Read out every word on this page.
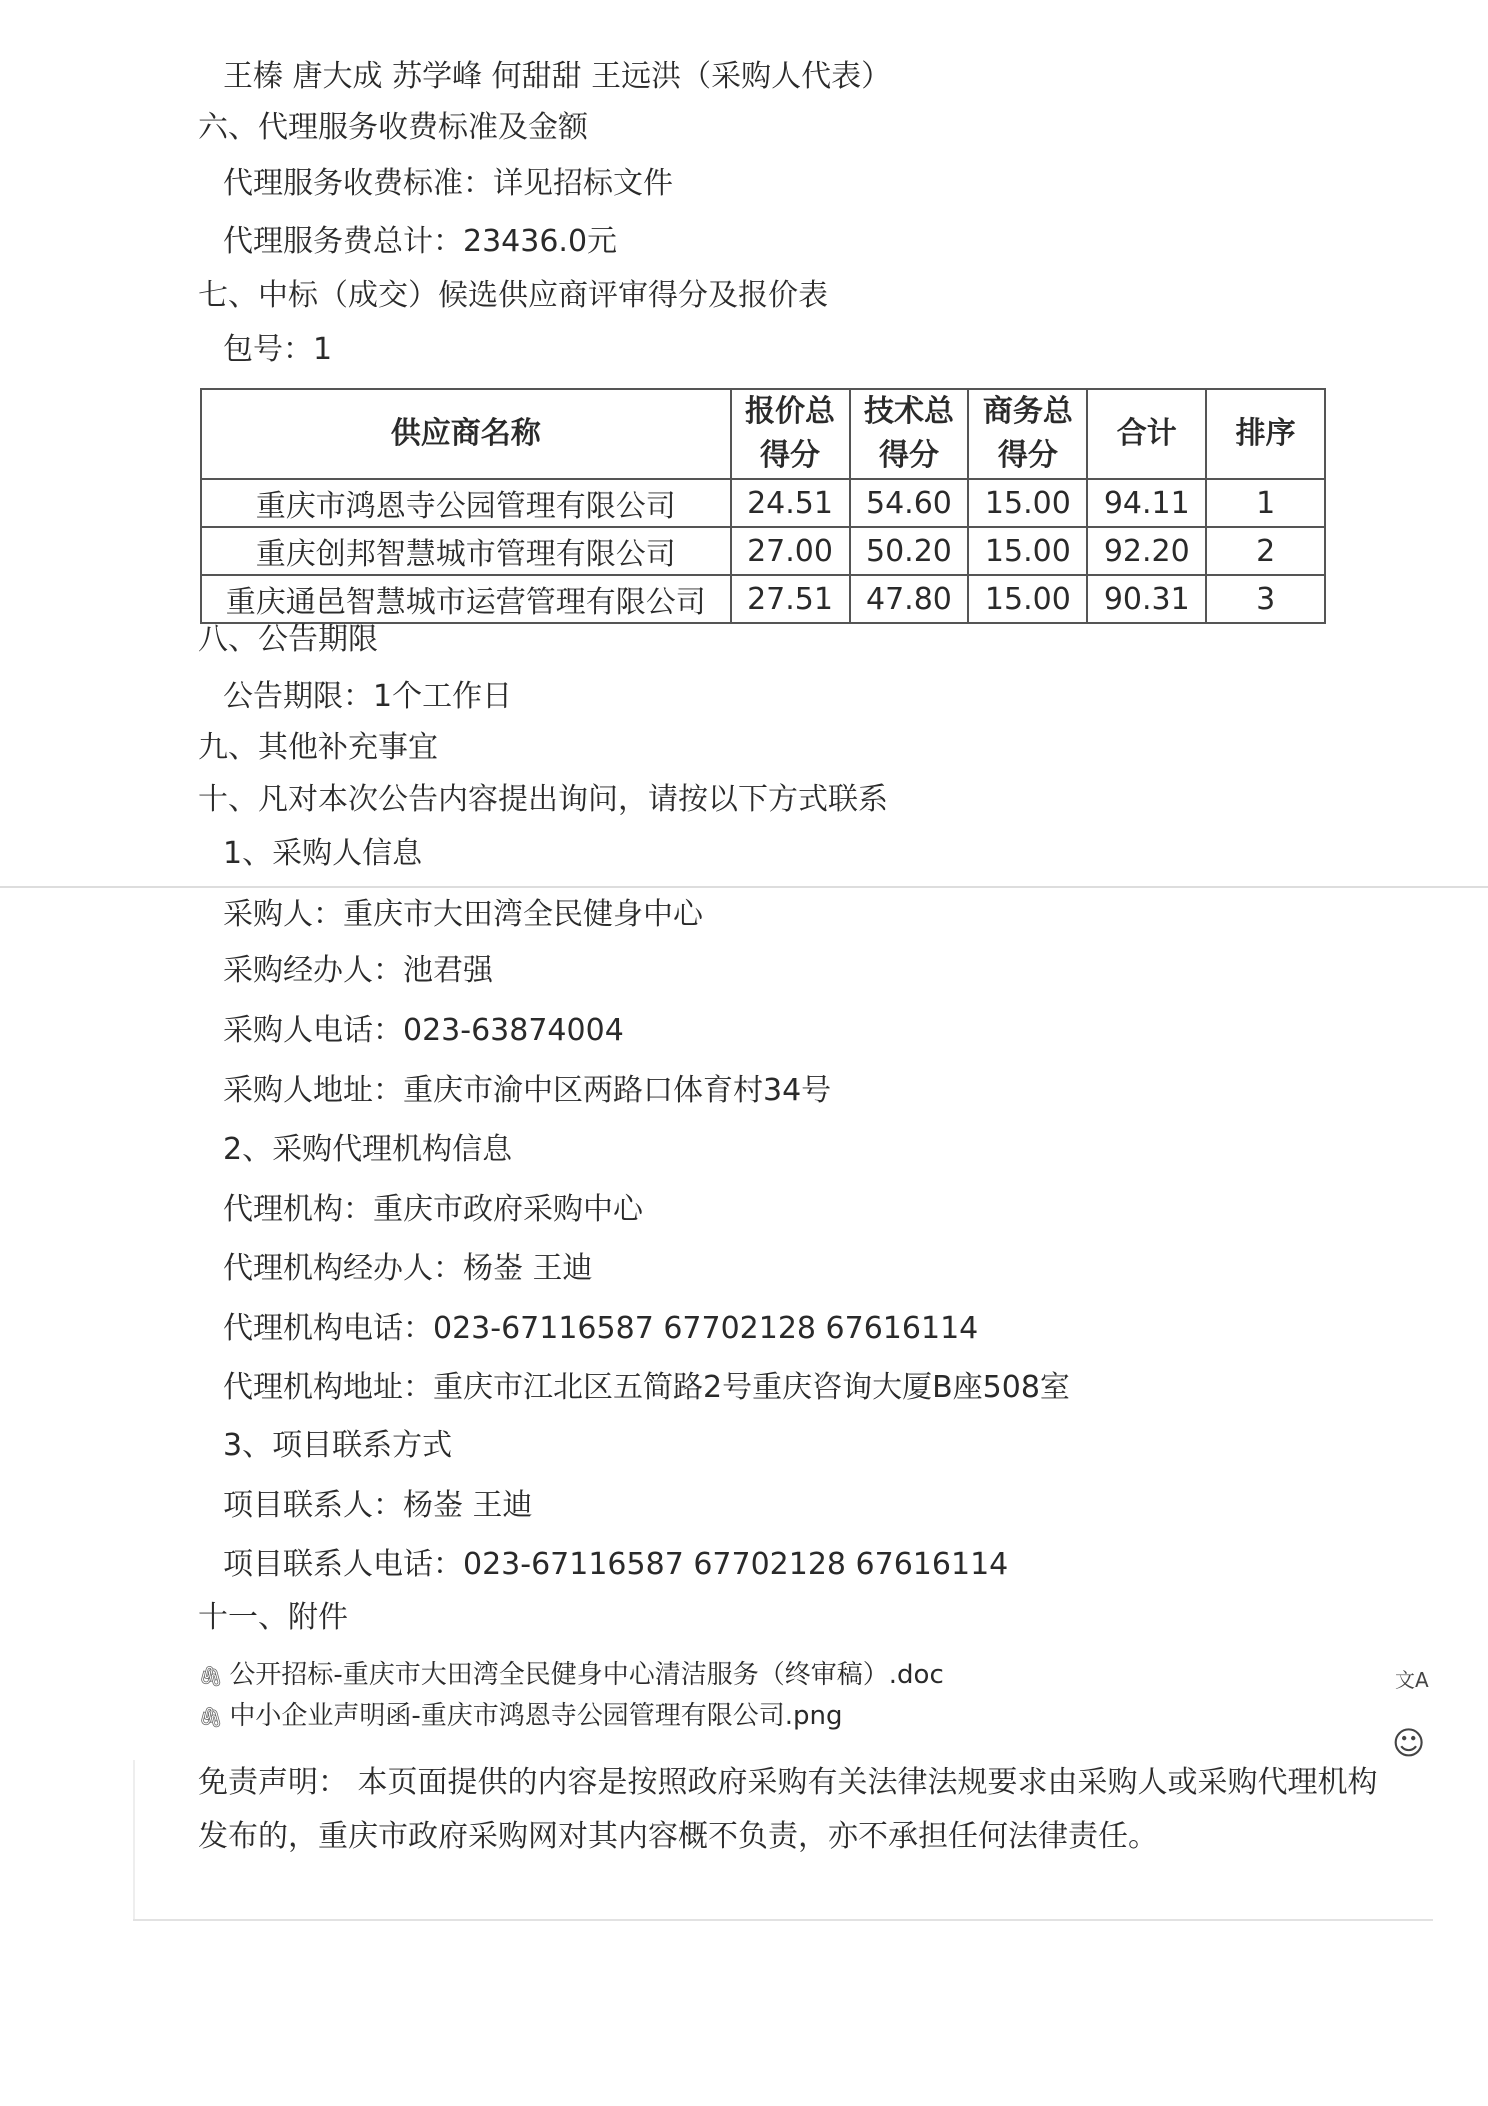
王榛 唐大成 苏学峰 何甜甜 王远洪（采购人代表）
六、代理服务收费标准及金额
代理服务收费标准：详见招标文件
代理服务费总计：23436.0元
七、中标（成交）候选供应商评审得分及报价表
包号：1
供应商名称	报价总得分	技术总得分	商务总得分	合计	排序
重庆市鸿恩寺公园管理有限公司	24.51	54.60	15.00	94.11	1
重庆创邦智慧城市管理有限公司	27.00	50.20	15.00	92.20	2
重庆通邑智慧城市运营管理有限公司	27.51	47.80	15.00	90.31	3
八、公告期限
公告期限：1个工作日
九、其他补充事宜
十、凡对本次公告内容提出询问，请按以下方式联系
1、采购人信息
采购人：重庆市大田湾全民健身中心
采购经办人：池君强
采购人电话：023-63874004
采购人地址：重庆市渝中区两路口体育村34号
2、采购代理机构信息
代理机构：重庆市政府采购中心
代理机构经办人：杨崟 王迪
代理机构电话：023-67116587 67702128 67616114
代理机构地址：重庆市江北区五简路2号重庆咨询大厦B座508室
3、项目联系方式
项目联系人：杨崟 王迪
项目联系人电话：023-67116587 67702128 67616114
十一、附件
🖇 公开招标-重庆市大田湾全民健身中心清洁服务（终审稿）.doc
🖇 中小企业声明函-重庆市鸿恩寺公园管理有限公司.png
文A
☺
免责声明： 本页面提供的内容是按照政府采购有关法律法规要求由采购人或采购代理机构发布的，重庆市政府采购网对其内容概不负责，亦不承担任何法律责任。
